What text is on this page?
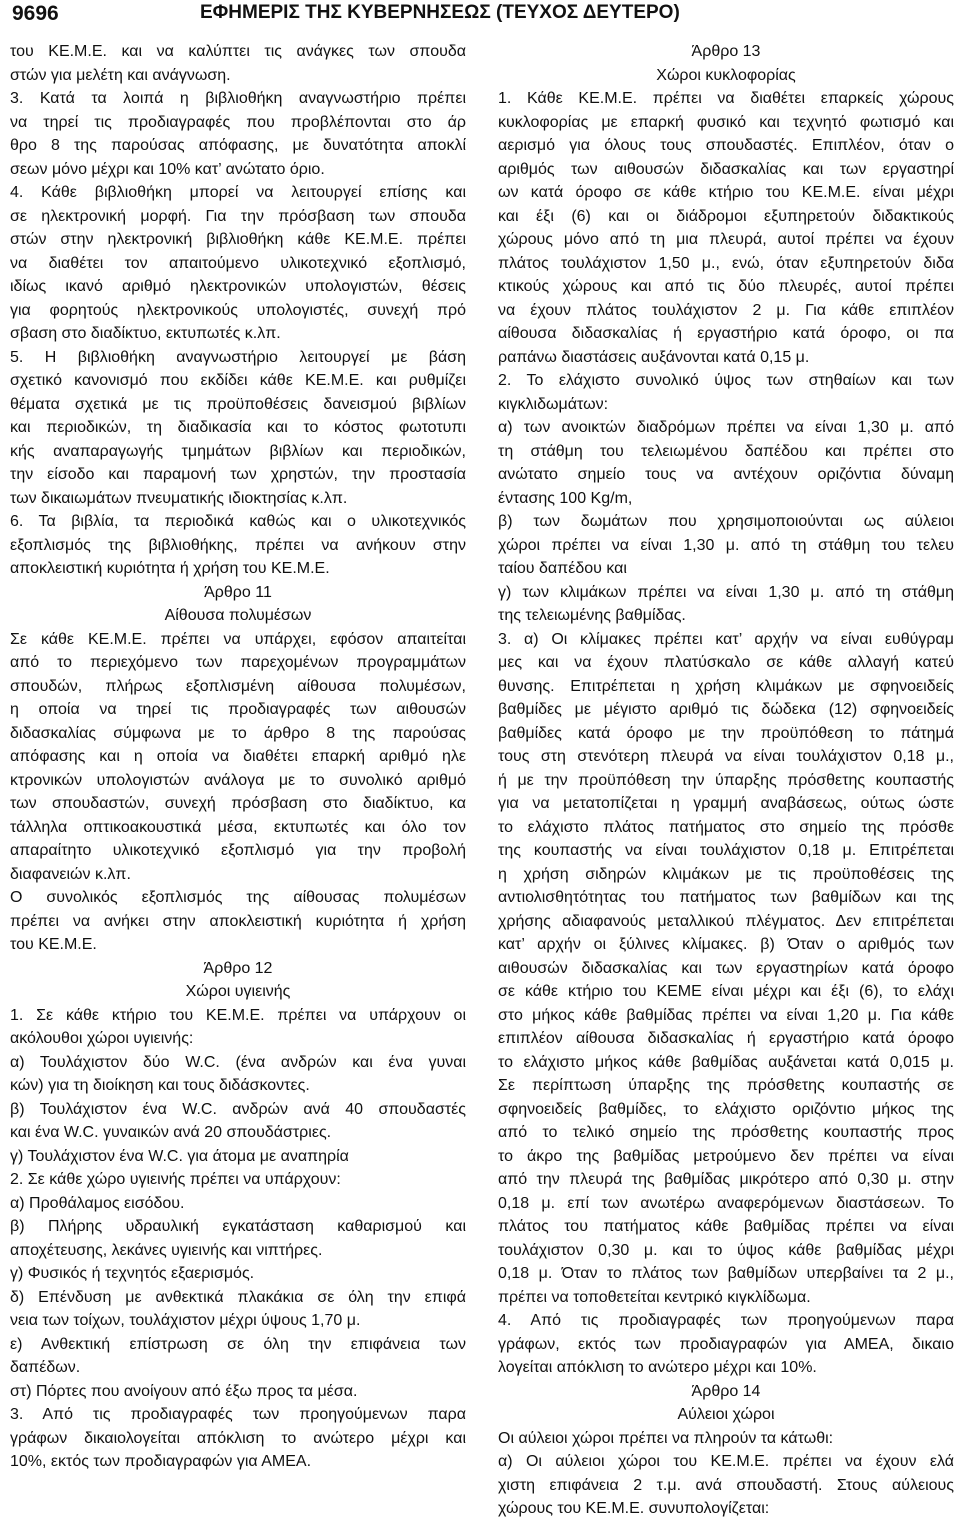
9696	ΕΦΗΜΕΡΙΣ ΤΗΣ ΚΥΒΕΡΝΗΣΕΩΣ (ΤΕΥΧΟΣ ΔΕΥΤΕΡΟ)
του ΚΕ.Μ.Ε. και να καλύπτει τις ανάγκες των σπουδα
στών για μελέτη και ανάγνωση.
3. Κατά τα λοιπά η βιβλιοθήκη αναγνωστήριο πρέπει
να τηρεί τις προδιαγραφές που προβλέπονται στο άρ
θρο 8 της παρούσας απόφασης, με δυνατότητα αποκλί
σεων μόνο μέχρι και 10% κατ’ ανώτατο όριο.
4. Κάθε βιβλιοθήκη μπορεί να λειτουργεί επίσης και
σε ηλεκτρονική μορφή. Για την πρόσβαση των σπουδα
στών στην ηλεκτρονική βιβλιοθήκη κάθε ΚΕ.Μ.Ε. πρέπει
να διαθέτει τον απαιτούμενο υλικοτεχνικό εξοπλισμό,
ιδίως ικανό αριθμό ηλεκτρονικών υπολογιστών, θέσεις
για φορητούς ηλεκτρονικούς υπολογιστές, συνεχή πρό
σβαση στο διαδίκτυο, εκτυπωτές κ.λπ.
5. Η βιβλιοθήκη αναγνωστήριο λειτουργεί με βάση
σχετικό κανονισμό που εκδίδει κάθε ΚΕ.Μ.Ε. και ρυθμίζει
θέματα σχετικά με τις προϋποθέσεις δανεισμού βιβλίων
και περιοδικών, τη διαδικασία και το κόστος φωτοτυπι
κής αναπαραγωγής τμημάτων βιβλίων και περιοδικών,
την είσοδο και παραμονή των χρηστών, την προστασία
των δικαιωμάτων πνευματικής ιδιοκτησίας κ.λπ.
6. Τα βιβλία, τα περιοδικά καθώς και ο υλικοτεχνικός
εξοπλισμός της βιβλιοθήκης, πρέπει να ανήκουν στην
αποκλειστική κυριότητα ή χρήση του ΚΕ.Μ.Ε.
Άρθρο 11
Αίθουσα πολυμέσων
Σε κάθε ΚΕ.Μ.Ε. πρέπει να υπάρχει, εφόσον απαιτείται
από το περιεχόμενο των παρεχομένων προγραμμάτων
σπουδών, πλήρως εξοπλισμένη αίθουσα πολυμέσων,
η οποία να τηρεί τις προδιαγραφές των αιθουσών
διδασκαλίας σύμφωνα με το άρθρο 8 της παρούσας
απόφασης και η οποία να διαθέτει επαρκή αριθμό ηλε
κτρονικών υπολογιστών ανάλογα με το συνολικό αριθμό
των σπουδαστών, συνεχή πρόσβαση στο διαδίκτυο, κα
τάλληλα οπτικοακουστικά μέσα, εκτυπωτές και όλο τον
απαραίτητο υλικοτεχνικό εξοπλισμό για την προβολή
διαφανειών κ.λπ.
Ο συνολικός εξοπλισμός της αίθουσας πολυμέσων
πρέπει να ανήκει στην αποκλειστική κυριότητα ή χρήση
του ΚΕ.Μ.Ε.
Άρθρο 12
Χώροι υγιεινής
1. Σε κάθε κτήριο του ΚΕ.Μ.Ε. πρέπει να υπάρχουν οι
ακόλουθοι χώροι υγιεινής:
α) Τουλάχιστον δύο W.C. (ένα ανδρών και ένα γυναι
κών) για τη διοίκηση και τους διδάσκοντες.
β) Τουλάχιστον ένα W.C. ανδρών ανά 40 σπουδαστές
και ένα W.C. γυναικών ανά 20 σπουδάστριες.
γ) Τουλάχιστον ένα W.C. για άτομα με αναπηρία
2. Σε κάθε χώρο υγιεινής πρέπει να υπάρχουν:
α) Προθάλαμος εισόδου.
β) Πλήρης υδραυλική εγκατάσταση καθαρισμού και
αποχέτευσης, λεκάνες υγιεινής και νιπτήρες.
γ) Φυσικός ή τεχνητός εξαερισμός.
δ) Επένδυση με ανθεκτικά πλακάκια σε όλη την επιφά
νεια των τοίχων, τουλάχιστον μέχρι ύψους 1,70 μ.
ε) Ανθεκτική επίστρωση σε όλη την επιφάνεια των
δαπέδων.
στ) Πόρτες που ανοίγουν από έξω προς τα μέσα.
3. Από τις προδιαγραφές των προηγούμενων παρα
γράφων δικαιολογείται απόκλιση το ανώτερο μέχρι και
10%, εκτός των προδιαγραφών για ΑΜΕΑ.
Άρθρο 13
Χώροι κυκλοφορίας
1. Κάθε ΚΕ.Μ.Ε. πρέπει να διαθέτει επαρκείς χώρους
κυκλοφορίας με επαρκή φυσικό και τεχνητό φωτισμό και
αερισμό για όλους τους σπουδαστές. Επιπλέον, όταν ο
αριθμός των αιθουσών διδασκαλίας και των εργαστηρί
ων κατά όροφο σε κάθε κτήριο του ΚΕ.Μ.Ε. είναι μέχρι
και έξι (6) και οι διάδρομοι εξυπηρετούν διδακτικούς
χώρους μόνο από τη μια πλευρά, αυτοί πρέπει να έχουν
πλάτος τουλάχιστον 1,50 μ., ενώ, όταν εξυπηρετούν διδα
κτικούς χώρους και από τις δύο πλευρές, αυτοί πρέπει
να έχουν πλάτος τουλάχιστον 2 μ. Για κάθε επιπλέον
αίθουσα διδασκαλίας ή εργαστήριο κατά όροφο, οι πα
ραπάνω διαστάσεις αυξάνονται κατά 0,15 μ.
2. Το ελάχιστο συνολικό ύψος των στηθαίων και των
κιγκλιδωμάτων:
α) των ανοικτών διαδρόμων πρέπει να είναι 1,30 μ. από
τη στάθμη του τελειωμένου δαπέδου και πρέπει στο
ανώτατο σημείο τους να αντέχουν οριζόντια δύναμη
έντασης 100 Kg/m,
β) των δωμάτων που χρησιμοποιούνται ως αύλειοι
χώροι πρέπει να είναι 1,30 μ. από τη στάθμη του τελευ
ταίου δαπέδου και
γ) των κλιμάκων πρέπει να είναι 1,30 μ. από τη στάθμη
της τελειωμένης βαθμίδας.
3. α) Οι κλίμακες πρέπει κατ’ αρχήν να είναι ευθύγραμ
μες και να έχουν πλατύσκαλο σε κάθε αλλαγή κατεύ
θυνσης. Επιτρέπεται η χρήση κλιμάκων με σφηνοειδείς
βαθμίδες με μέγιστο αριθμό τις δώδεκα (12) σφηνοειδείς
βαθμίδες κατά όροφο με την προϋπόθεση το πάτημά
τους στη στενότερη πλευρά να είναι τουλάχιστον 0,18 μ.,
ή με την προϋπόθεση την ύπαρξης πρόσθετης κουπαστής
για να μετατοπίζεται η γραμμή αναβάσεως, ούτως ώστε
το ελάχιστο πλάτος πατήματος στο σημείο της πρόσθε
της κουπαστής να είναι τουλάχιστον 0,18 μ. Επιτρέπεται
η χρήση σιδηρών κλιμάκων με τις προϋποθέσεις της
αντιολισθητότητας του πατήματος των βαθμίδων και της
χρήσης αδιαφανούς μεταλλικού πλέγματος. Δεν επιτρέπεται
κατ’ αρχήν οι ξύλινες κλίμακες. β) Όταν ο αριθμός των
αιθουσών διδασκαλίας και των εργαστηρίων κατά όροφο
σε κάθε κτήριο του ΚΕΜΕ είναι μέχρι και έξι (6), το ελάχι
στο μήκος κάθε βαθμίδας πρέπει να είναι 1,20 μ. Για κάθε
επιπλέον αίθουσα διδασκαλίας ή εργαστήριο κατά όροφο
το ελάχιστο μήκος κάθε βαθμίδας αυξάνεται κατά 0,015 μ.
Σε περίπτωση ύπαρξης της πρόσθετης κουπαστής σε
σφηνοειδείς βαθμίδες, το ελάχιστο οριζόντιο μήκος της
από το τελικό σημείο της πρόσθετης κουπαστής προς
το άκρο της βαθμίδας μετρούμενο δεν πρέπει να είναι
από την πλευρά της βαθμίδας μικρότερο από 0,30 μ. στην
0,18 μ. επί των ανωτέρω αναφερόμενων διαστάσεων. Το
πλάτος του πατήματος κάθε βαθμίδας πρέπει να είναι
τουλάχιστον 0,30 μ. και το ύψος κάθε βαθμίδας μέχρι
0,18 μ. Όταν το πλάτος των βαθμίδων υπερβαίνει τα 2 μ.,
πρέπει να τοποθετείται κεντρικό κιγκλίδωμα.
4. Από τις προδιαγραφές των προηγούμενων παρα
γράφων, εκτός των προδιαγραφών για ΑΜΕΑ, δικαιο
λογείται απόκλιση το ανώτερο μέχρι και 10%.
Άρθρο 14
Αύλειοι χώροι
Οι αύλειοι χώροι πρέπει να πληρούν τα κάτωθι:
α) Οι αύλειοι χώροι του ΚΕ.Μ.Ε. πρέπει να έχουν ελά
χιστη επιφάνεια 2 τ.μ. ανά σπουδαστή. Στους αύλειους
χώρους του ΚΕ.Μ.Ε. συνυπολογίζεται:
